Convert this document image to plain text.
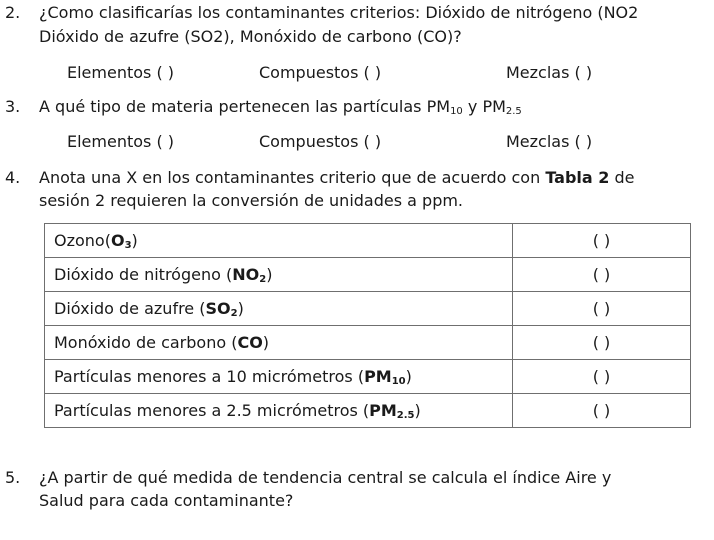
2. ¿Como clasificarías los contaminantes criterios: Dióxido de nitrógeno (NO2
Dióxido de azufre (SO2), Monóxido de carbono (CO)?
Elementos ( )	Compuestos ( )	Mezclas ( )
3. A qué tipo de materia pertenecen las partículas $PM_{10}$ y $PM_{2.5}$
Elementos ( )	Compuestos ( )	Mezclas ( )
4. Anota una X en los contaminantes criterio que de acuerdo con Tabla 2 de
sesión 2 requieren la conversión de unidades a ppm.
Ozono(O3)	( )
Dióxido de nitrógeno (NO2)	( )
Dióxido de azufre (SO2)	( )
Monóxido de carbono (CO)	( )
Partículas menores a 10 micrómetros (PM10)	( )
Partículas menores a 2.5 micrómetros (PM2.5)	( )
5. ¿A partir de qué medida de tendencia central se calcula el índice Aire y
Salud para cada contaminante?
